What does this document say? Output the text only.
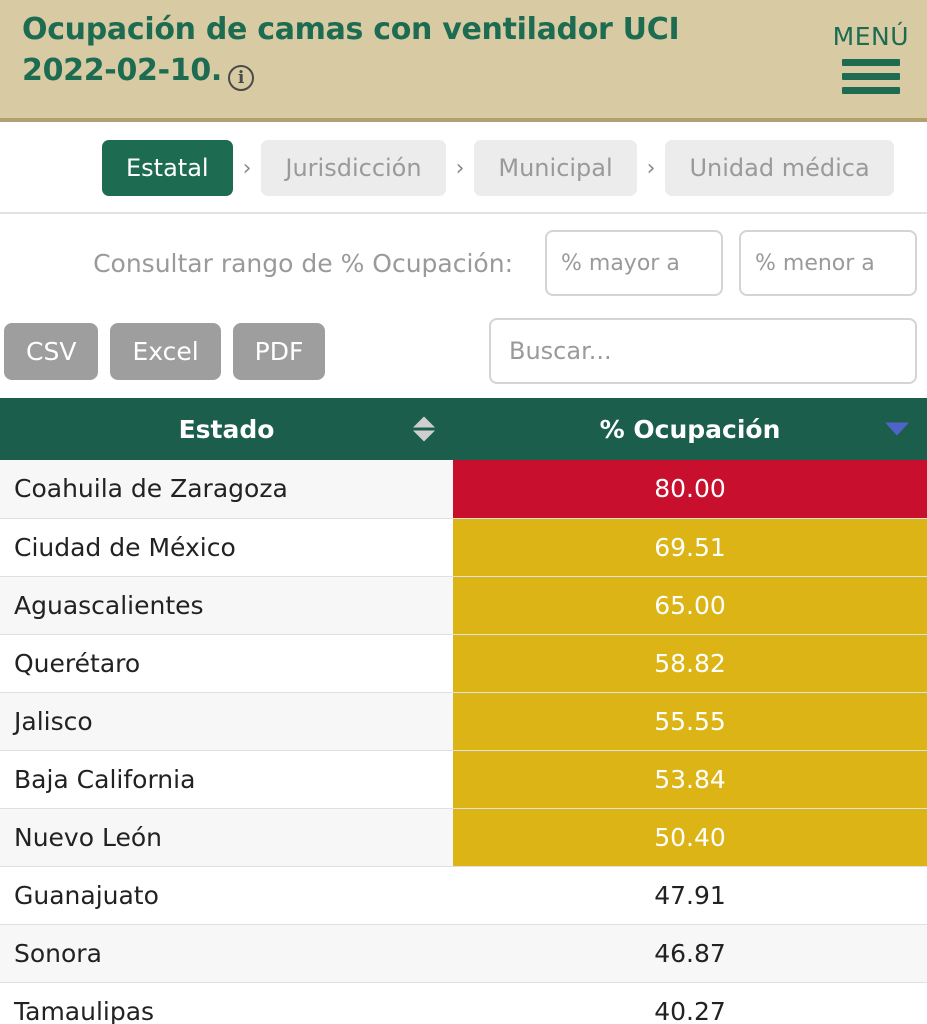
Ocupación de camas con ventilador UCI 2022-02-10. i
MENÚ
Estatal	›	Jurisdicción	›	Municipal	›	Unidad médica
Consultar rango de % Ocupación:
% mayor a
% menor a
CSV	Excel	PDF
Buscar...
Estado	% Ocupación

Coahuila de Zaragoza	80.00
Ciudad de México	69.51
Aguascalientes	65.00
Querétaro	58.82
Jalisco	55.55
Baja California	53.84
Nuevo León	50.40
Guanajuato	47.91
Sonora	46.87
Tamaulipas	40.27
